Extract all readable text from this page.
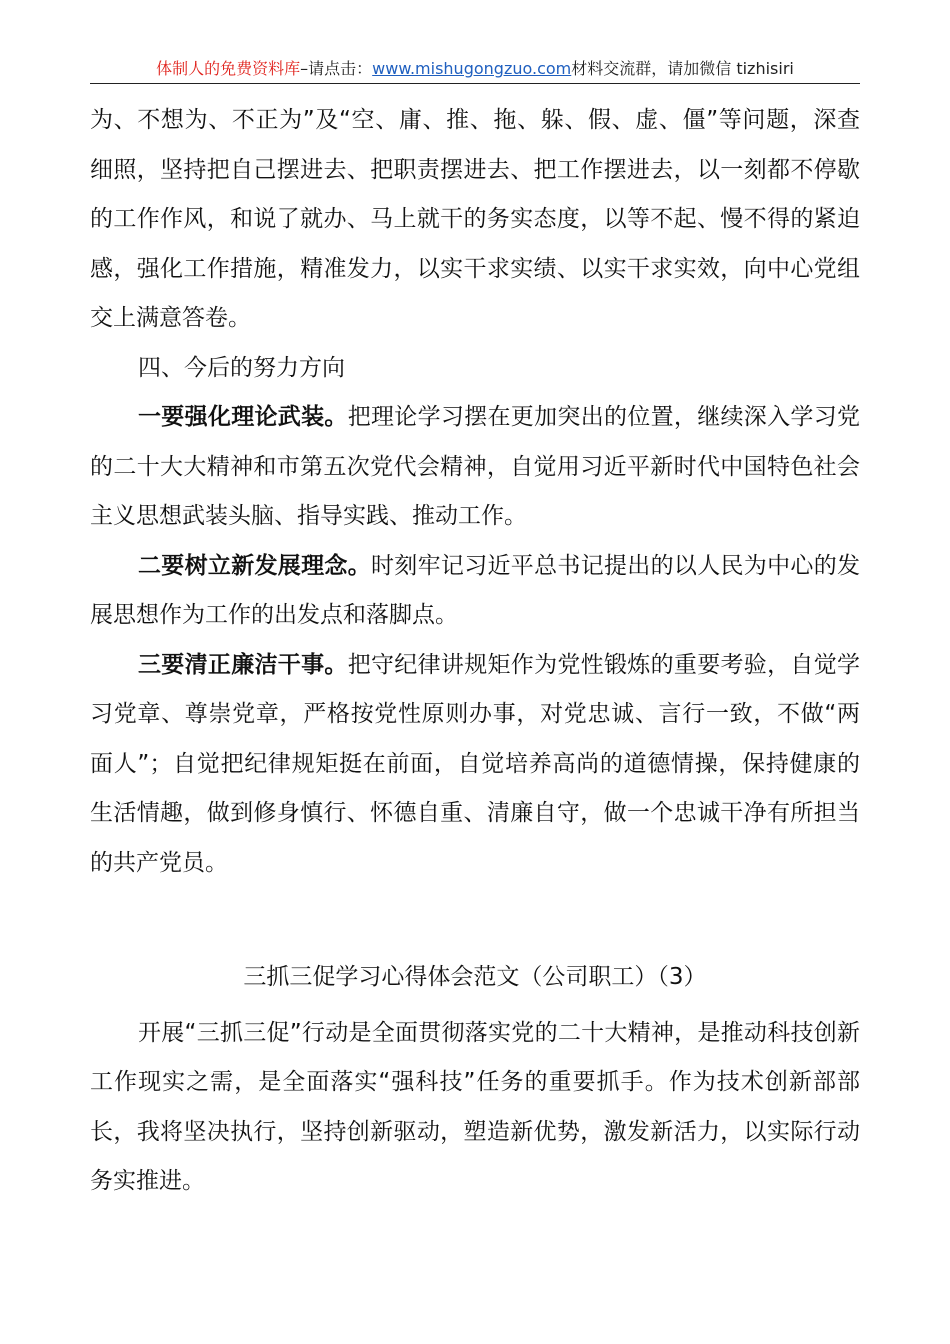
体制人的免费资料库–请点击：www.mishugongzuo.com材料交流群，请加微信 tizhisiri

为、不想为、不正为”及“空、庸、推、拖、躲、假、虚、僵”等问题，深查细照，坚持把自己摆进去、把职责摆进去、把工作摆进去，以一刻都不停歇的工作作风，和说了就办、马上就干的务实态度，以等不起、慢不得的紧迫感，强化工作措施，精准发力，以实干求实绩、以实干求实效，向中心党组交上满意答卷。

四、今后的努力方向

一要强化理论武装。把理论学习摆在更加突出的位置，继续深入学习党的二十大大精神和市第五次党代会精神，自觉用习近平新时代中国特色社会主义思想武装头脑、指导实践、推动工作。

二要树立新发展理念。时刻牢记习近平总书记提出的以人民为中心的发展思想作为工作的出发点和落脚点。

三要清正廉洁干事。把守纪律讲规矩作为党性锻炼的重要考验，自觉学习党章、尊崇党章，严格按党性原则办事，对党忠诚、言行一致，不做“两面人”；自觉把纪律规矩挺在前面，自觉培养高尚的道德情操，保持健康的生活情趣，做到修身慎行、怀德自重、清廉自守，做一个忠诚干净有所担当的共产党员。

三抓三促学习心得体会范文（公司职工）（3）

开展“三抓三促”行动是全面贯彻落实党的二十大精神，是推动科技创新工作现实之需，是全面落实“强科技”任务的重要抓手。作为技术创新部部长，我将坚决执行，坚持创新驱动，塑造新优势，激发新活力，以实际行动务实推进。
